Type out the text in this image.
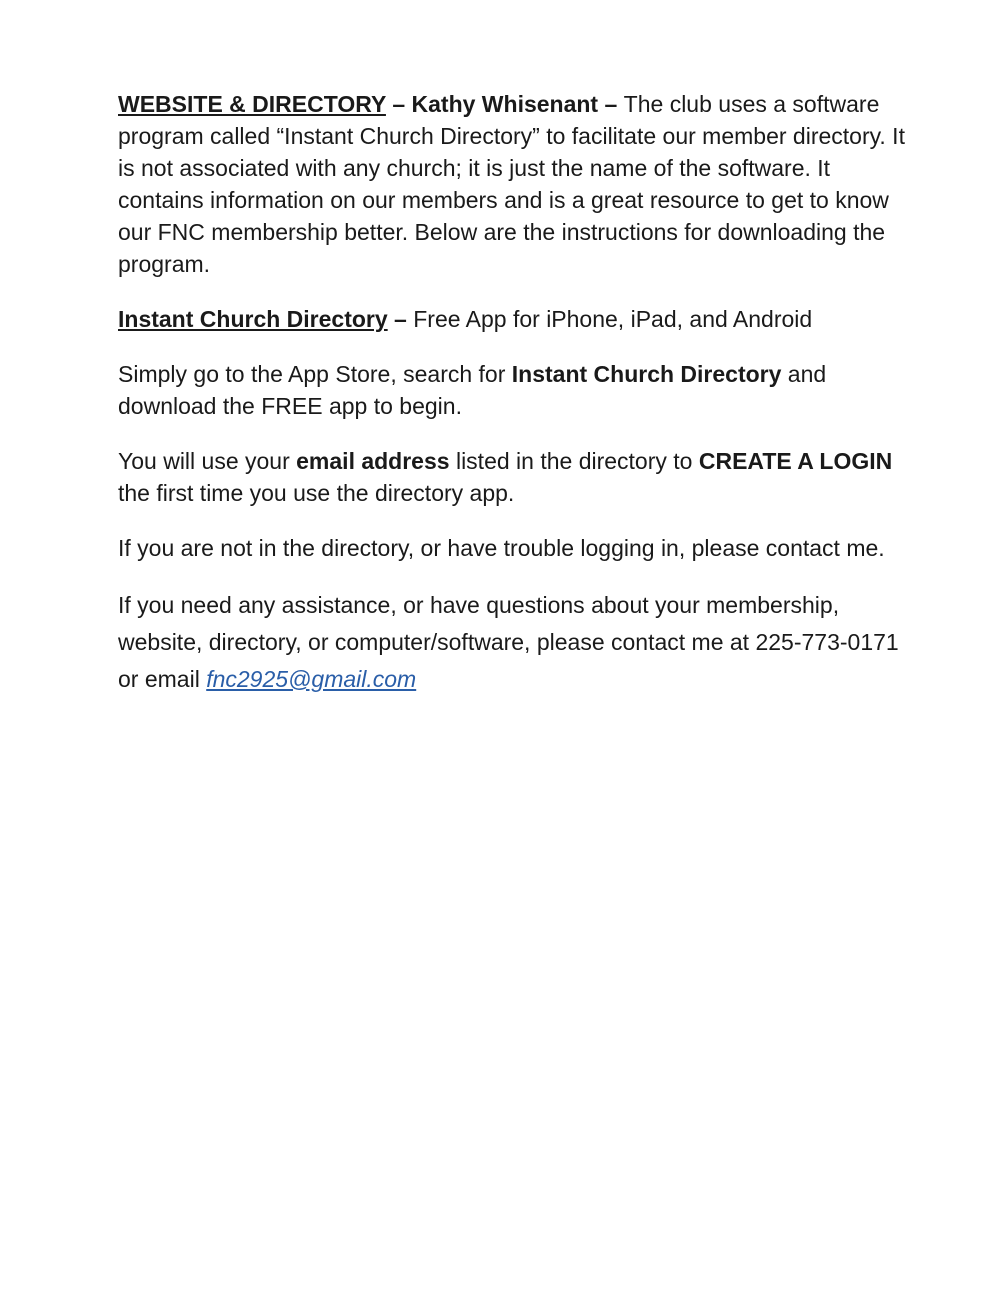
WEBSITE & DIRECTORY – Kathy Whisenant – The club uses a software program called “Instant Church Directory” to facilitate our member directory. It is not associated with any church; it is just the name of the software. It contains information on our members and is a great resource to get to know our FNC membership better. Below are the instructions for downloading the program.

Instant Church Directory – Free App for iPhone, iPad, and Android

Simply go to the App Store, search for Instant Church Directory and download the FREE app to begin.

You will use your email address listed in the directory to CREATE A LOGIN the first time you use the directory app.

If you are not in the directory, or have trouble logging in, please contact me.

If you need any assistance, or have questions about your membership, website, directory, or computer/software, please contact me at 225-773-0171 or email fnc2925@gmail.com
